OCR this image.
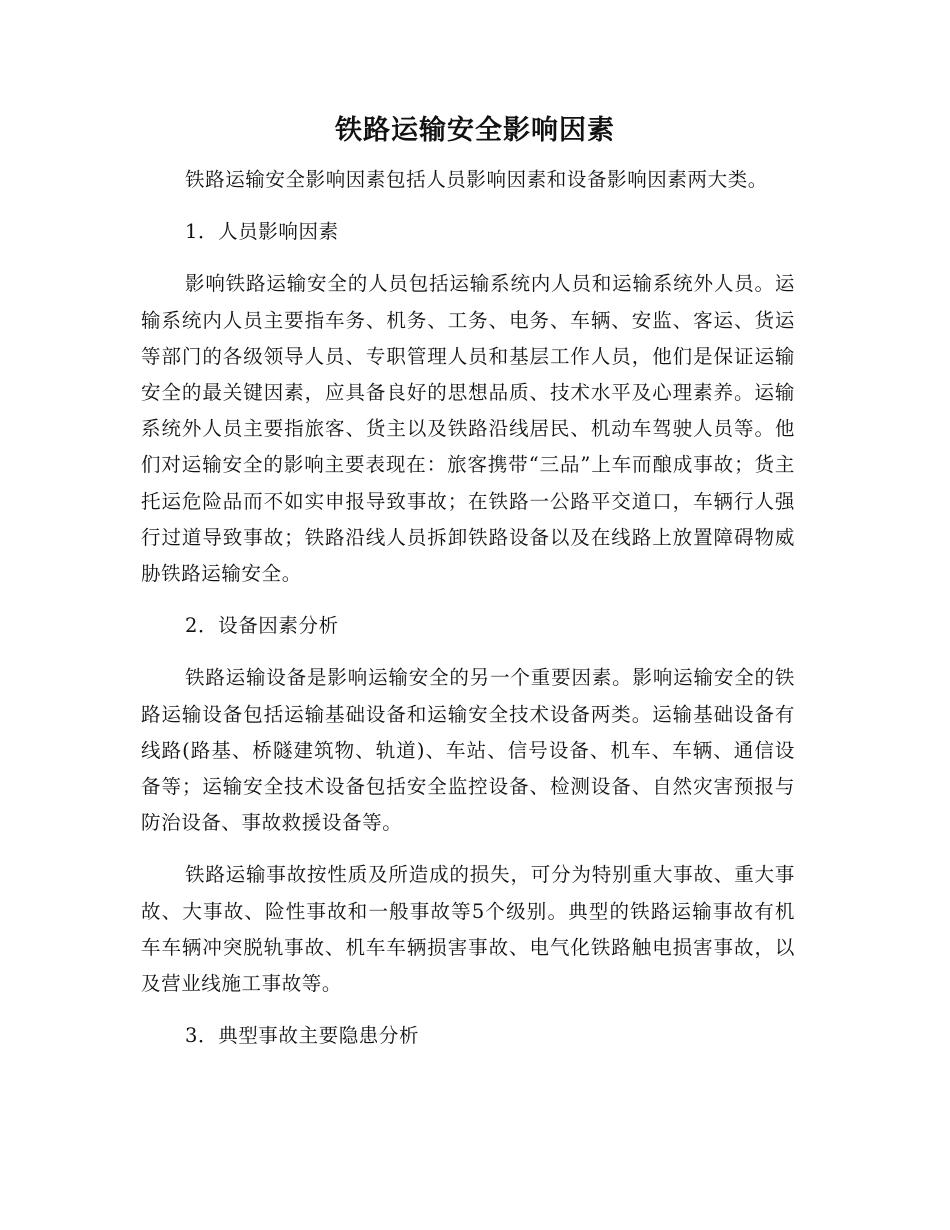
铁路运输安全影响因素

铁路运输安全影响因素包括人员影响因素和设备影响因素两大类。

1．人员影响因素

影响铁路运输安全的人员包括运输系统内人员和运输系统外人员。运输系统内人员主要指车务、机务、工务、电务、车辆、安监、客运、货运等部门的各级领导人员、专职管理人员和基层工作人员，他们是保证运输安全的最关键因素，应具备良好的思想品质、技术水平及心理素养。运输系统外人员主要指旅客、货主以及铁路沿线居民、机动车驾驶人员等。他们对运输安全的影响主要表现在：旅客携带“三品”上车而酿成事故；货主托运危险品而不如实申报导致事故；在铁路一公路平交道口，车辆行人强行过道导致事故；铁路沿线人员拆卸铁路设备以及在线路上放置障碍物威胁铁路运输安全。

2．设备因素分析

铁路运输设备是影响运输安全的另一个重要因素。影响运输安全的铁路运输设备包括运输基础设备和运输安全技术设备两类。运输基础设备有线路(路基、桥隧建筑物、轨道)、车站、信号设备、机车、车辆、通信设备等；运输安全技术设备包括安全监控设备、检测设备、自然灾害预报与防治设备、事故救援设备等。

铁路运输事故按性质及所造成的损失，可分为特别重大事故、重大事故、大事故、险性事故和一般事故等5个级别。典型的铁路运输事故有机车车辆冲突脱轨事故、机车车辆损害事故、电气化铁路触电损害事故，以及营业线施工事故等。

3．典型事故主要隐患分析
